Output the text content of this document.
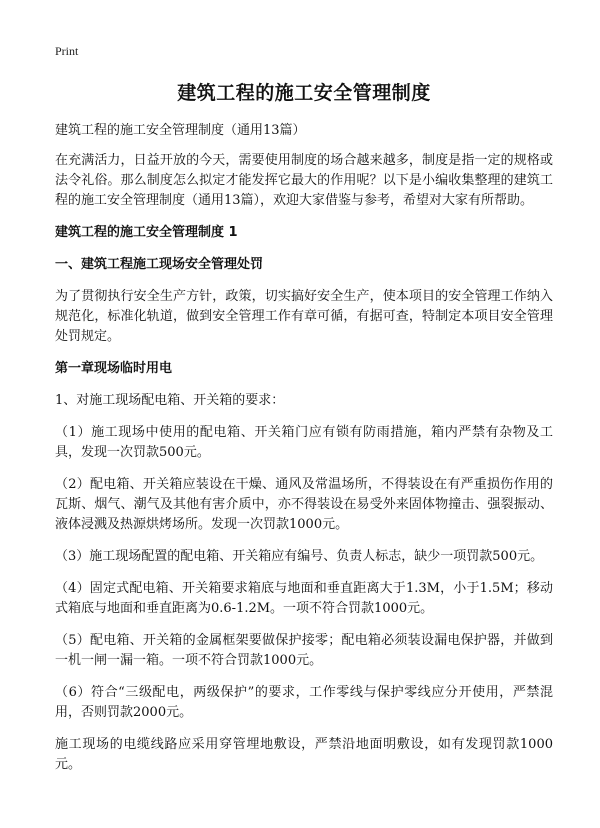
Print
建筑工程的施工安全管理制度

建筑工程的施工安全管理制度（通用13篇）

在充满活力，日益开放的今天，需要使用制度的场合越来越多，制度是指一定的规格或法令礼俗。那么制度怎么拟定才能发挥它最大的作用呢？以下是小编收集整理的建筑工程的施工安全管理制度（通用13篇），欢迎大家借鉴与参考，希望对大家有所帮助。

建筑工程的施工安全管理制度 1
一、建筑工程施工现场安全管理处罚

为了贯彻执行安全生产方针，政策，切实搞好安全生产，使本项目的安全管理工作纳入规范化，标准化轨道，做到安全管理工作有章可循，有据可查，特制定本项目安全管理处罚规定。

第一章现场临时用电

1、对施工现场配电箱、开关箱的要求：

（1）施工现场中使用的配电箱、开关箱门应有锁有防雨措施，箱内严禁有杂物及工具，发现一次罚款500元。

（2）配电箱、开关箱应装设在干燥、通风及常温场所，不得装设在有严重损伤作用的瓦斯、烟气、潮气及其他有害介质中，亦不得装设在易受外来固体物撞击、强裂振动、液体浸溅及热源烘烤场所。发现一次罚款1000元。

（3）施工现场配置的配电箱、开关箱应有编号、负责人标志，缺少一项罚款500元。

（4）固定式配电箱、开关箱要求箱底与地面和垂直距离大于1.3M，小于1.5M；移动式箱底与地面和垂直距离为0.6-1.2M。一项不符合罚款1000元。

（5）配电箱、开关箱的金属框架要做保护接零；配电箱必须装设漏电保护器，并做到一机一闸一漏一箱。一项不符合罚款1000元。

（6）符合“三级配电，两级保护”的要求，工作零线与保护零线应分开使用，严禁混用，否则罚款2000元。

施工现场的电缆线路应采用穿管埋地敷设，严禁沿地面明敷设，如有发现罚款1000元。
